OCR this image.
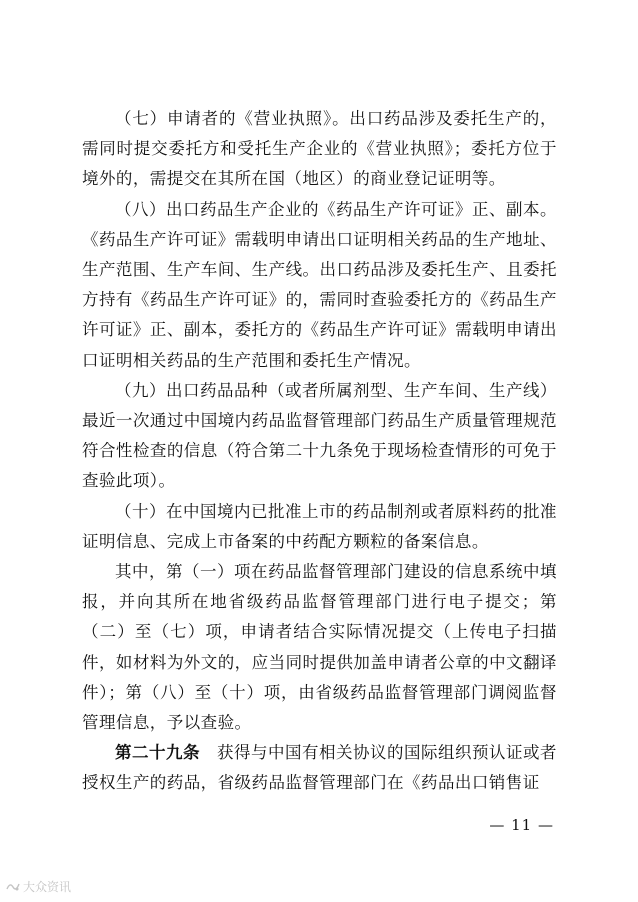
（七）申请者的《营业执照》。出口药品涉及委托生产的，需同时提交委托方和受托生产企业的《营业执照》；委托方位于境外的，需提交在其所在国（地区）的商业登记证明等。

（八）出口药品生产企业的《药品生产许可证》正、副本。《药品生产许可证》需载明申请出口证明相关药品的生产地址、生产范围、生产车间、生产线。出口药品涉及委托生产、且委托方持有《药品生产许可证》的，需同时查验委托方的《药品生产许可证》正、副本，委托方的《药品生产许可证》需载明申请出口证明相关药品的生产范围和委托生产情况。

（九）出口药品品种（或者所属剂型、生产车间、生产线）最近一次通过中国境内药品监督管理部门药品生产质量管理规范符合性检查的信息（符合第二十九条免于现场检查情形的可免于查验此项）。

（十）在中国境内已批准上市的药品制剂或者原料药的批准证明信息、完成上市备案的中药配方颗粒的备案信息。

其中，第（一）项在药品监督管理部门建设的信息系统中填报，并向其所在地省级药品监督管理部门进行电子提交；第（二）至（七）项，申请者结合实际情况提交（上传电子扫描件，如材料为外文的，应当同时提供加盖申请者公章的中文翻译件）；第（八）至（十）项，由省级药品监督管理部门调阅监督管理信息，予以查验。

第二十九条　获得与中国有相关协议的国际组织预认证或者授权生产的药品，省级药品监督管理部门在《药品出口销售证

— 11 —
大众资讯
